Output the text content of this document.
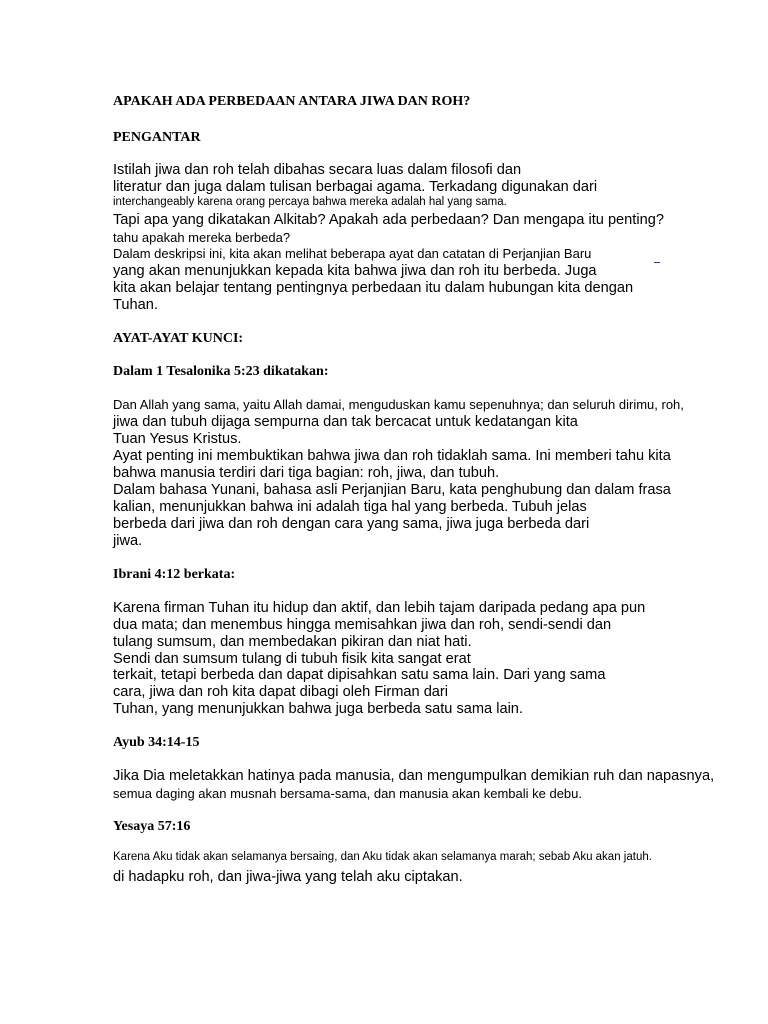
APAKAH ADA PERBEDAAN ANTARA JIWA DAN ROH?
PENGANTAR
Istilah jiwa dan roh telah dibahas secara luas dalam filosofi dan
literatur dan juga dalam tulisan berbagai agama. Terkadang digunakan dari
interchangeably karena orang percaya bahwa mereka adalah hal yang sama.
Tapi apa yang dikatakan Alkitab? Apakah ada perbedaan? Dan mengapa itu penting?
tahu apakah mereka berbeda?
Dalam deskripsi ini, kita akan melihat beberapa ayat dan catatan di Perjanjian Baru
yang akan menunjukkan kepada kita bahwa jiwa dan roh itu berbeda. Juga
kita akan belajar tentang pentingnya perbedaan itu dalam hubungan kita dengan
Tuhan.
AYAT-AYAT KUNCI:
Dalam 1 Tesalonika 5:23 dikatakan:
Dan Allah yang sama, yaitu Allah damai, menguduskan kamu sepenuhnya; dan seluruh dirimu, roh,
jiwa dan tubuh dijaga sempurna dan tak bercacat untuk kedatangan kita
Tuan Yesus Kristus.
Ayat penting ini membuktikan bahwa jiwa dan roh tidaklah sama. Ini memberi tahu kita
bahwa manusia terdiri dari tiga bagian: roh, jiwa, dan tubuh.
Dalam bahasa Yunani, bahasa asli Perjanjian Baru, kata penghubung dan dalam frasa
kalian, menunjukkan bahwa ini adalah tiga hal yang berbeda. Tubuh jelas
berbeda dari jiwa dan roh dengan cara yang sama, jiwa juga berbeda dari
jiwa.
Ibrani 4:12 berkata:
Karena firman Tuhan itu hidup dan aktif, dan lebih tajam daripada pedang apa pun
dua mata; dan menembus hingga memisahkan jiwa dan roh, sendi-sendi dan
tulang sumsum, dan membedakan pikiran dan niat hati.
Sendi dan sumsum tulang di tubuh fisik kita sangat erat
terkait, tetapi berbeda dan dapat dipisahkan satu sama lain. Dari yang sama
cara, jiwa dan roh kita dapat dibagi oleh Firman dari
Tuhan, yang menunjukkan bahwa juga berbeda satu sama lain.
Ayub 34:14-15
Jika Dia meletakkan hatinya pada manusia, dan mengumpulkan demikian ruh dan napasnya,
semua daging akan musnah bersama-sama, dan manusia akan kembali ke debu.
Yesaya 57:16
Karena Aku tidak akan selamanya bersaing, dan Aku tidak akan selamanya marah; sebab Aku akan jatuh.
di hadapku roh, dan jiwa-jiwa yang telah aku ciptakan.
